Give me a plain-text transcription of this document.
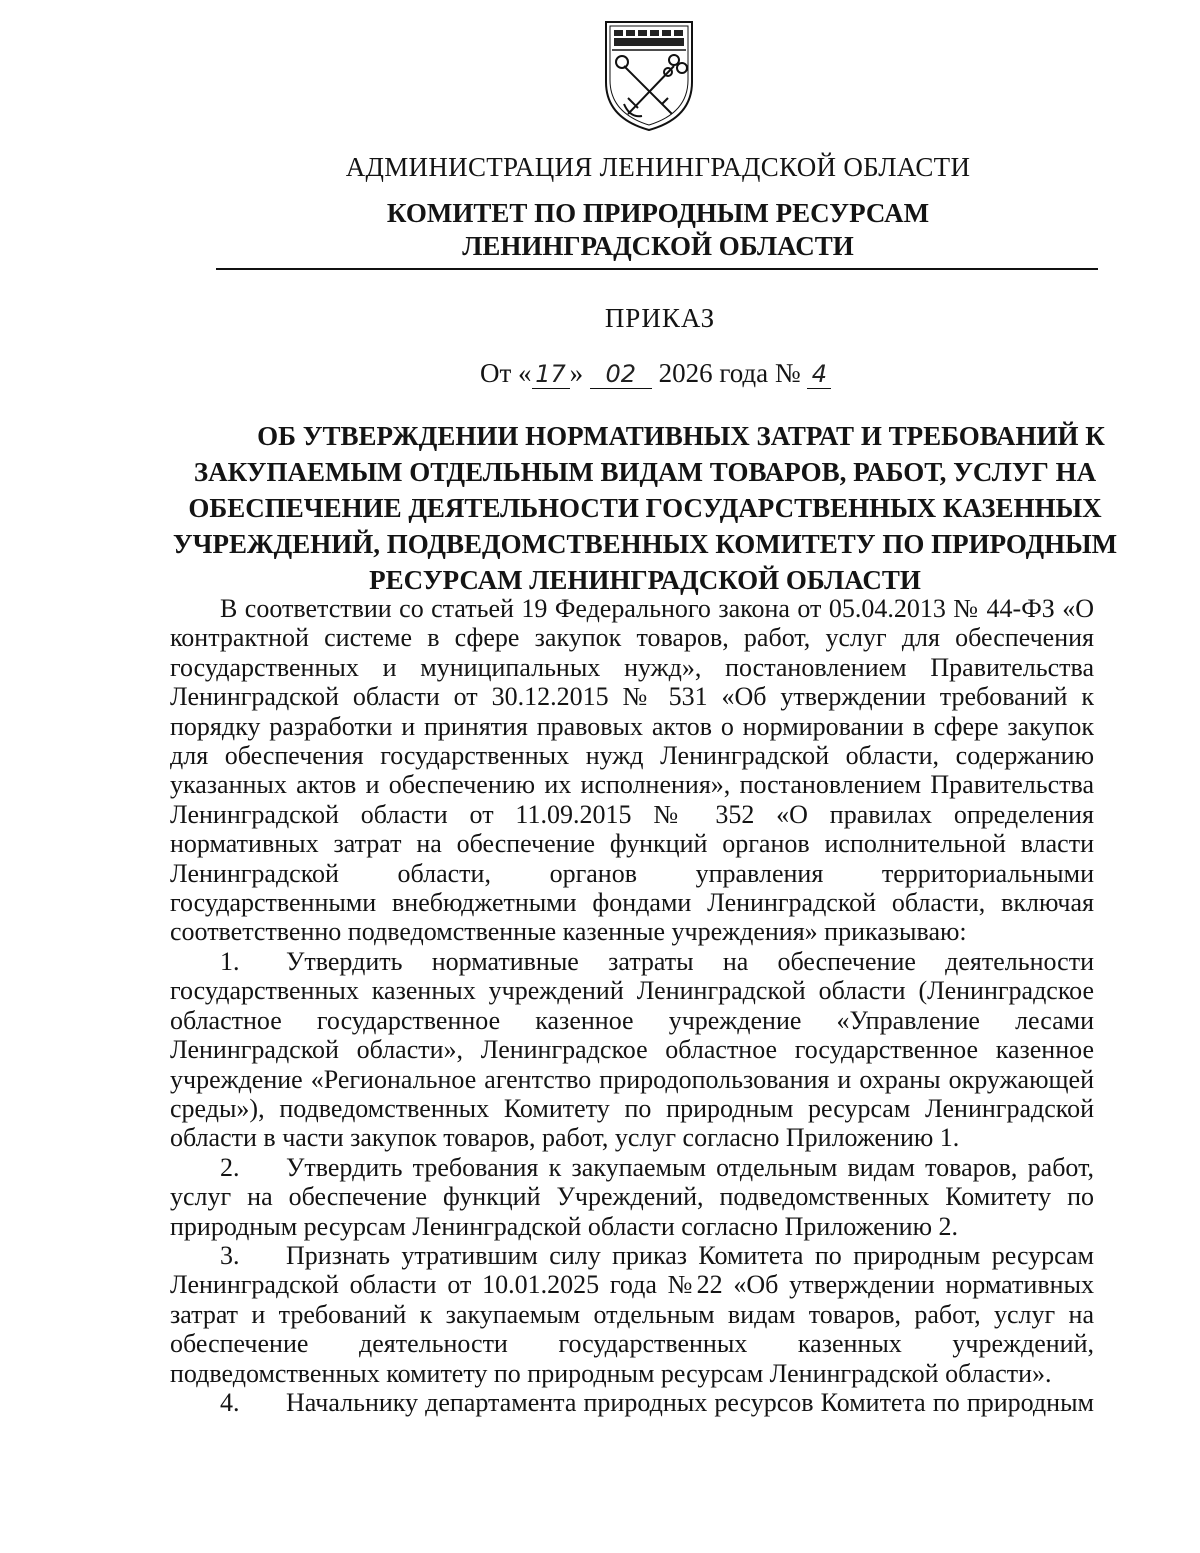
АДМИНИСТРАЦИЯ ЛЕНИНГРАДСКОЙ ОБЛАСТИ
КОМИТЕТ ПО ПРИРОДНЫМ РЕСУРСАМ
ЛЕНИНГРАДСКОЙ ОБЛАСТИ
ПРИКАЗ
От « 17 » 02 2026 года № 4
ОБ УТВЕРЖДЕНИИ НОРМАТИВНЫХ ЗАТРАТ И ТРЕБОВАНИЙ К
ЗАКУПАЕМЫМ ОТДЕЛЬНЫМ ВИДАМ ТОВАРОВ, РАБОТ, УСЛУГ НА
ОБЕСПЕЧЕНИЕ ДЕЯТЕЛЬНОСТИ ГОСУДАРСТВЕННЫХ КАЗЕННЫХ
УЧРЕЖДЕНИЙ, ПОДВЕДОМСТВЕННЫХ КОМИТЕТУ ПО ПРИРОДНЫМ
РЕСУРСАМ ЛЕНИНГРАДСКОЙ ОБЛАСТИ

В соответствии со статьей 19 Федерального закона от 05.04.2013 № 44-ФЗ «О контрактной системе в сфере закупок товаров, работ, услуг для обеспечения государственных и муниципальных нужд», постановлением Правительства Ленинградской области от 30.12.2015 № 531 «Об утверждении требований к порядку разработки и принятия правовых актов о нормировании в сфере закупок для обеспечения государственных нужд Ленинградской области, содержанию указанных актов и обеспечению их исполнения», постановлением Правительства Ленинградской области от 11.09.2015 № 352 «О правилах определения нормативных затрат на обеспечение функций органов исполнительной власти Ленинградской области, органов управления территориальными государственными внебюджетными фондами Ленинградской области, включая соответственно подведомственные казенные учреждения» приказываю:

1. Утвердить нормативные затраты на обеспечение деятельности государственных казенных учреждений Ленинградской области (Ленинградское областное государственное казенное учреждение «Управление лесами Ленинградской области», Ленинградское областное государственное казенное учреждение «Региональное агентство природопользования и охраны окружающей среды»), подведомственных Комитету по природным ресурсам Ленинградской области в части закупок товаров, работ, услуг согласно Приложению 1.

2. Утвердить требования к закупаемым отдельным видам товаров, работ, услуг на обеспечение функций Учреждений, подведомственных Комитету по природным ресурсам Ленинградской области согласно Приложению 2.

3. Признать утратившим силу приказ Комитета по природным ресурсам Ленинградской области от 10.01.2025 года №22 «Об утверждении нормативных затрат и требований к закупаемым отдельным видам товаров, работ, услуг на обеспечение деятельности государственных казенных учреждений, подведомственных комитету по природным ресурсам Ленинградской области».

4. Начальнику департамента природных ресурсов Комитета по природным
